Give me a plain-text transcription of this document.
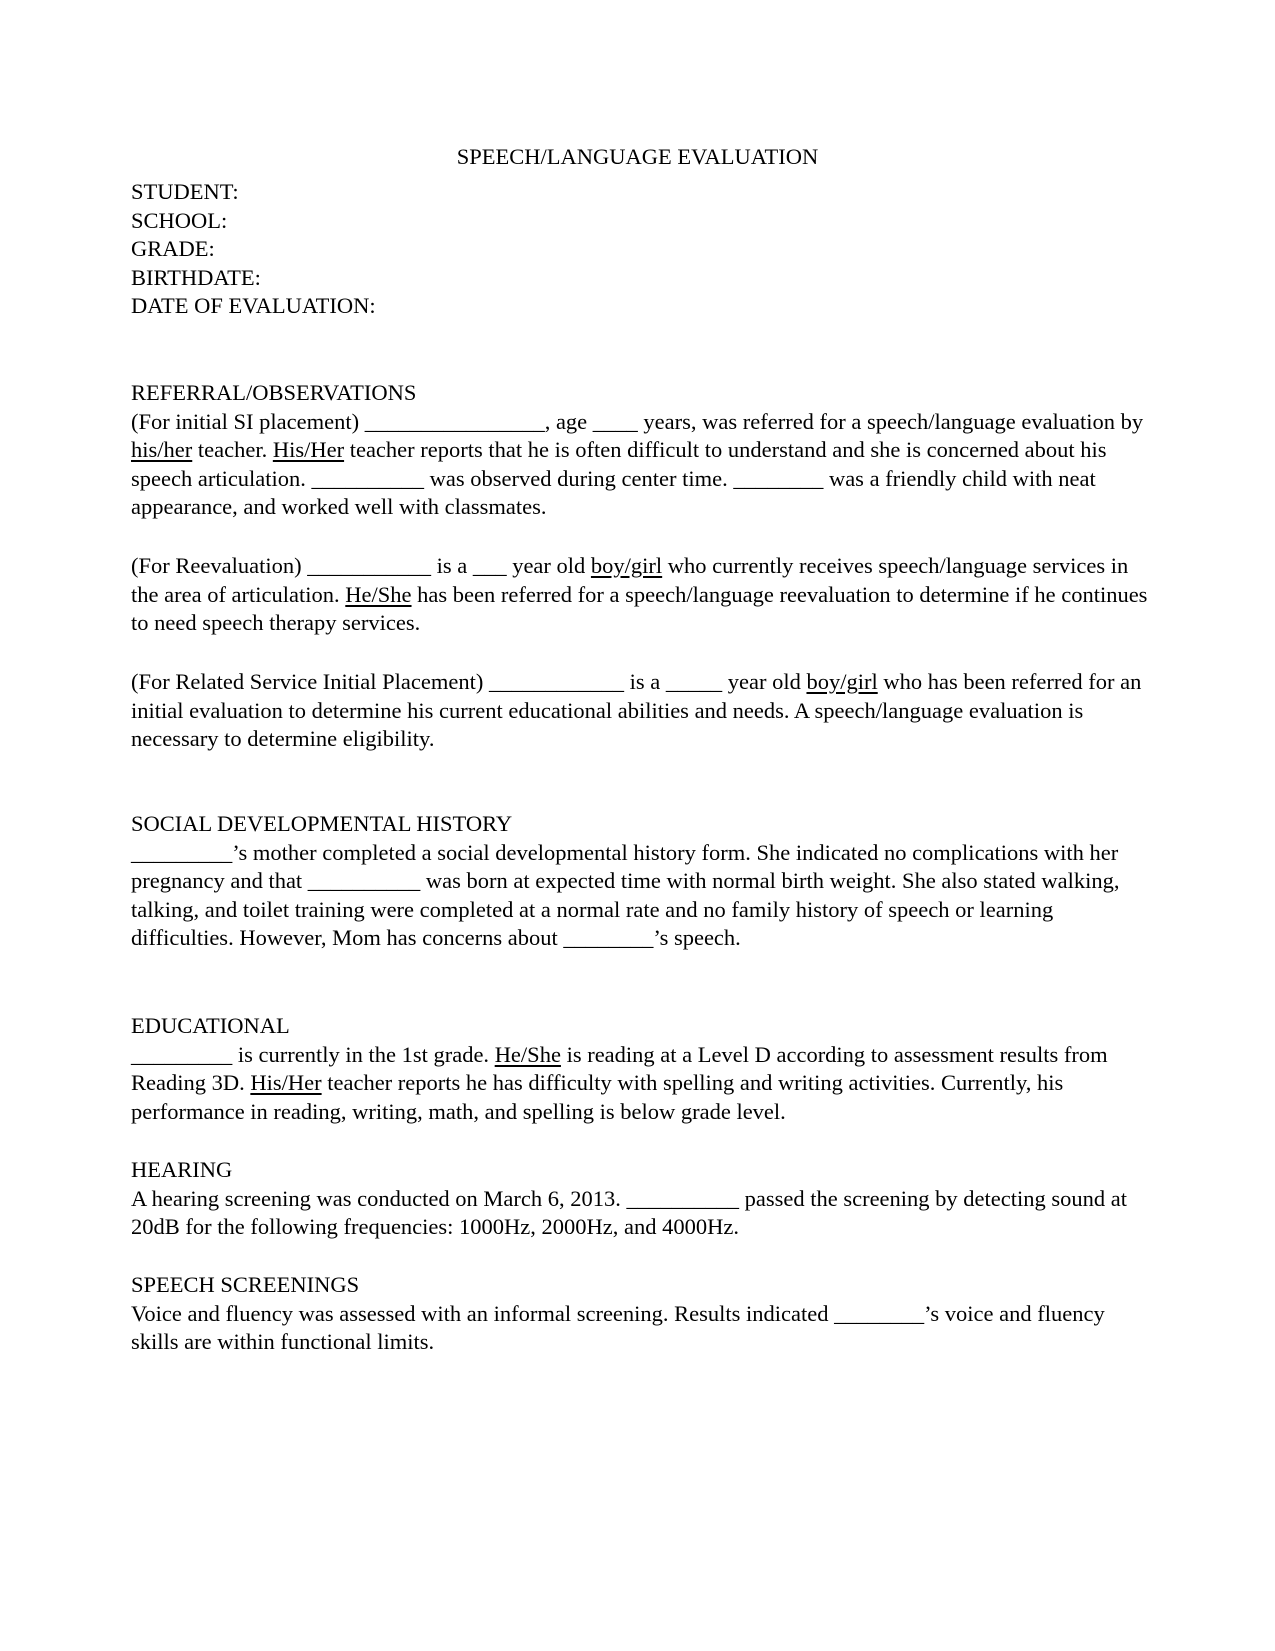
SPEECH/LANGUAGE EVALUATION
STUDENT:
SCHOOL:
GRADE:
BIRTHDATE:
DATE OF EVALUATION:
REFERRAL/OBSERVATIONS

(For initial SI placement) ________________, age ____ years, was referred for a speech/language evaluation by his/her teacher. His/Her teacher reports that he is often difficult to understand and she is concerned about his speech articulation. __________ was observed during center time. ________ was a friendly child with neat appearance, and worked well with classmates.

(For Reevaluation) ___________ is a ___ year old boy/girl who currently receives speech/language services in the area of articulation. He/She has been referred for a speech/language reevaluation to determine if he continues to need speech therapy services.

(For Related Service Initial Placement) ____________ is a _____ year old boy/girl who has been referred for an initial evaluation to determine his current educational abilities and needs. A speech/language evaluation is necessary to determine eligibility.

SOCIAL DEVELOPMENTAL HISTORY

_________’s mother completed a social developmental history form. She indicated no complications with her pregnancy and that __________ was born at expected time with normal birth weight. She also stated walking, talking, and toilet training were completed at a normal rate and no family history of speech or learning difficulties. However, Mom has concerns about ________’s speech.

EDUCATIONAL

_________ is currently in the 1st grade. He/She is reading at a Level D according to assessment results from Reading 3D. His/Her teacher reports he has difficulty with spelling and writing activities. Currently, his performance in reading, writing, math, and spelling is below grade level.

HEARING

A hearing screening was conducted on March 6, 2013. __________ passed the screening by detecting sound at 20dB for the following frequencies: 1000Hz, 2000Hz, and 4000Hz.

SPEECH SCREENINGS

Voice and fluency was assessed with an informal screening. Results indicated ________’s voice and fluency skills are within functional limits.
